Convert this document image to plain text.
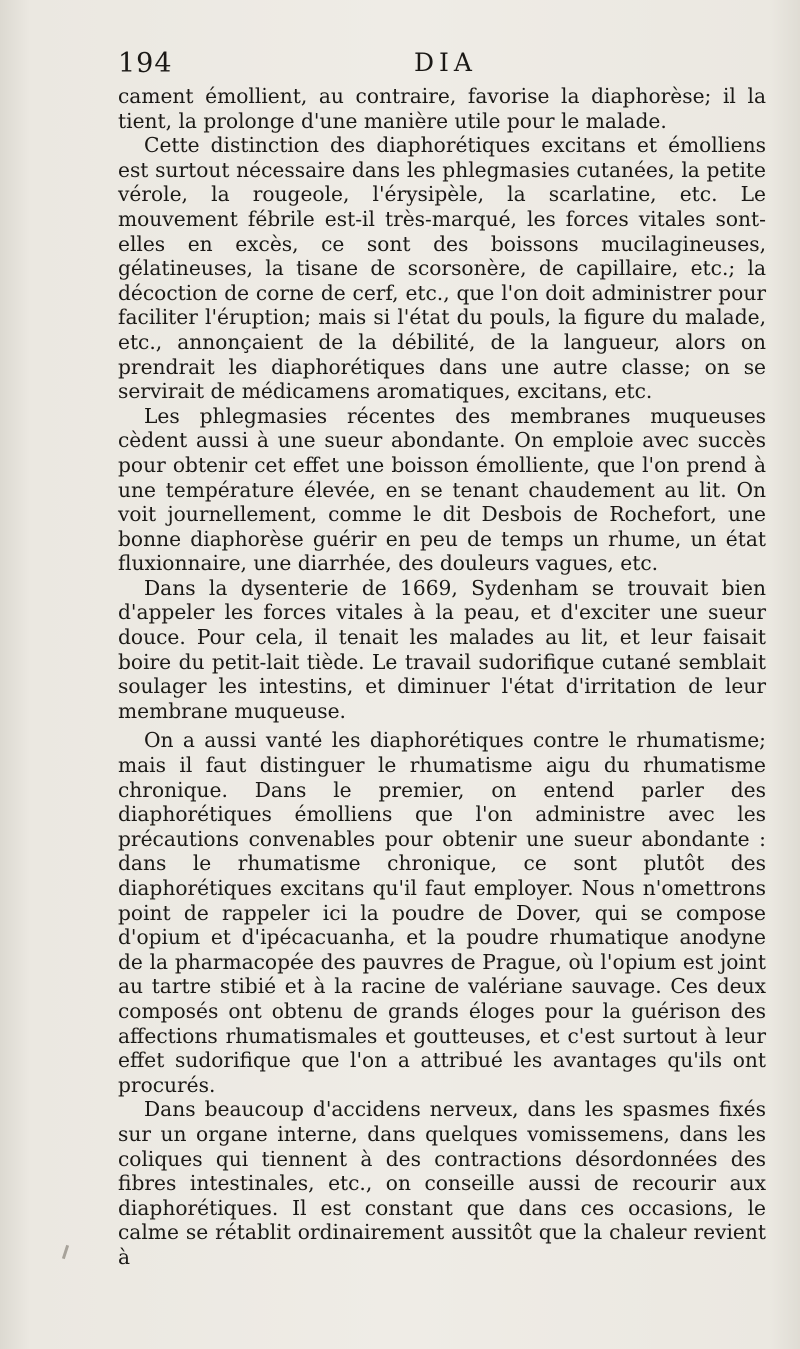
194	DIA

cament émollient, au contraire, favorise la diaphorèse; il la tient, la prolonge d'une manière utile pour le malade.

Cette distinction des diaphorétiques excitans et émolliens est surtout nécessaire dans les phlegmasies cutanées, la petite vérole, la rougeole, l'érysipèle, la scarlatine, etc. Le mouvement fébrile est-il très-marqué, les forces vitales sont-elles en excès, ce sont des boissons mucilagineuses, gélatineuses, la tisane de scorsonère, de capillaire, etc.; la décoction de corne de cerf, etc., que l'on doit administrer pour faciliter l'éruption; mais si l'état du pouls, la figure du malade, etc., annonçaient de la débilité, de la langueur, alors on prendrait les diaphorétiques dans une autre classe; on se servirait de médicamens aromatiques, excitans, etc.

Les phlegmasies récentes des membranes muqueuses cèdent aussi à une sueur abondante. On emploie avec succès pour obtenir cet effet une boisson émolliente, que l'on prend à une température élevée, en se tenant chaudement au lit. On voit journellement, comme le dit Desbois de Rochefort, une bonne diaphorèse guérir en peu de temps un rhume, un état fluxionnaire, une diarrhée, des douleurs vagues, etc.

Dans la dysenterie de 1669, Sydenham se trouvait bien d'appeler les forces vitales à la peau, et d'exciter une sueur douce. Pour cela, il tenait les malades au lit, et leur faisait boire du petit-lait tiède. Le travail sudorifique cutané semblait soulager les intestins, et diminuer l'état d'irritation de leur membrane muqueuse.

On a aussi vanté les diaphorétiques contre le rhumatisme; mais il faut distinguer le rhumatisme aigu du rhumatisme chronique. Dans le premier, on entend parler des diaphorétiques émolliens que l'on administre avec les précautions convenables pour obtenir une sueur abondante : dans le rhumatisme chronique, ce sont plutôt des diaphorétiques excitans qu'il faut employer. Nous n'omettrons point de rappeler ici la poudre de Dover, qui se compose d'opium et d'ipécacuanha, et la poudre rhumatique anodyne de la pharmacopée des pauvres de Prague, où l'opium est joint au tartre stibié et à la racine de valériane sauvage. Ces deux composés ont obtenu de grands éloges pour la guérison des affections rhumatismales et goutteuses, et c'est surtout à leur effet sudorifique que l'on a attribué les avantages qu'ils ont procurés.

Dans beaucoup d'accidens nerveux, dans les spasmes fixés sur un organe interne, dans quelques vomissemens, dans les coliques qui tiennent à des contractions désordonnées des fibres intestinales, etc., on conseille aussi de recourir aux diaphorétiques. Il est constant que dans ces occasions, le calme se rétablit ordinairement aussitôt que la chaleur revient à
